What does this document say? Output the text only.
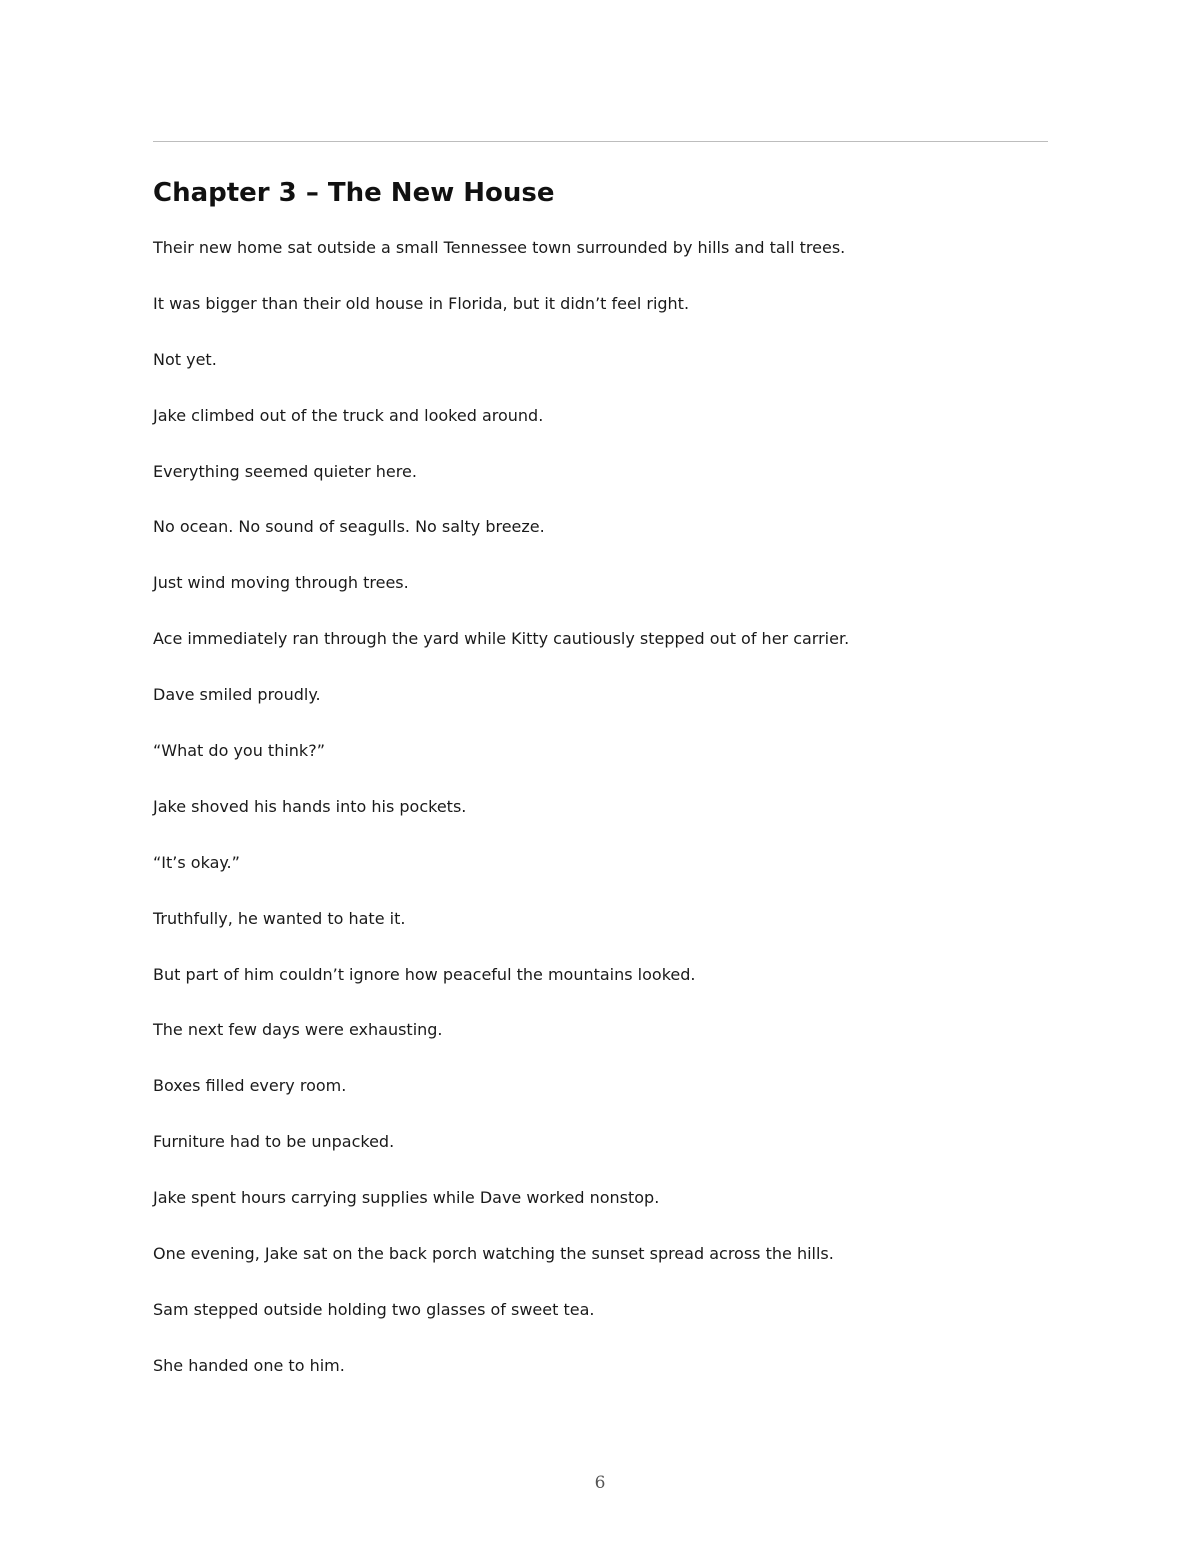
Chapter 3 – The New House

Their new home sat outside a small Tennessee town surrounded by hills and tall trees.

It was bigger than their old house in Florida, but it didn’t feel right.

Not yet.

Jake climbed out of the truck and looked around.

Everything seemed quieter here.

No ocean. No sound of seagulls. No salty breeze.

Just wind moving through trees.

Ace immediately ran through the yard while Kitty cautiously stepped out of her carrier.

Dave smiled proudly.

“What do you think?”

Jake shoved his hands into his pockets.

“It’s okay.”

Truthfully, he wanted to hate it.

But part of him couldn’t ignore how peaceful the mountains looked.

The next few days were exhausting.

Boxes filled every room.

Furniture had to be unpacked.

Jake spent hours carrying supplies while Dave worked nonstop.

One evening, Jake sat on the back porch watching the sunset spread across the hills.

Sam stepped outside holding two glasses of sweet tea.

She handed one to him.

6
